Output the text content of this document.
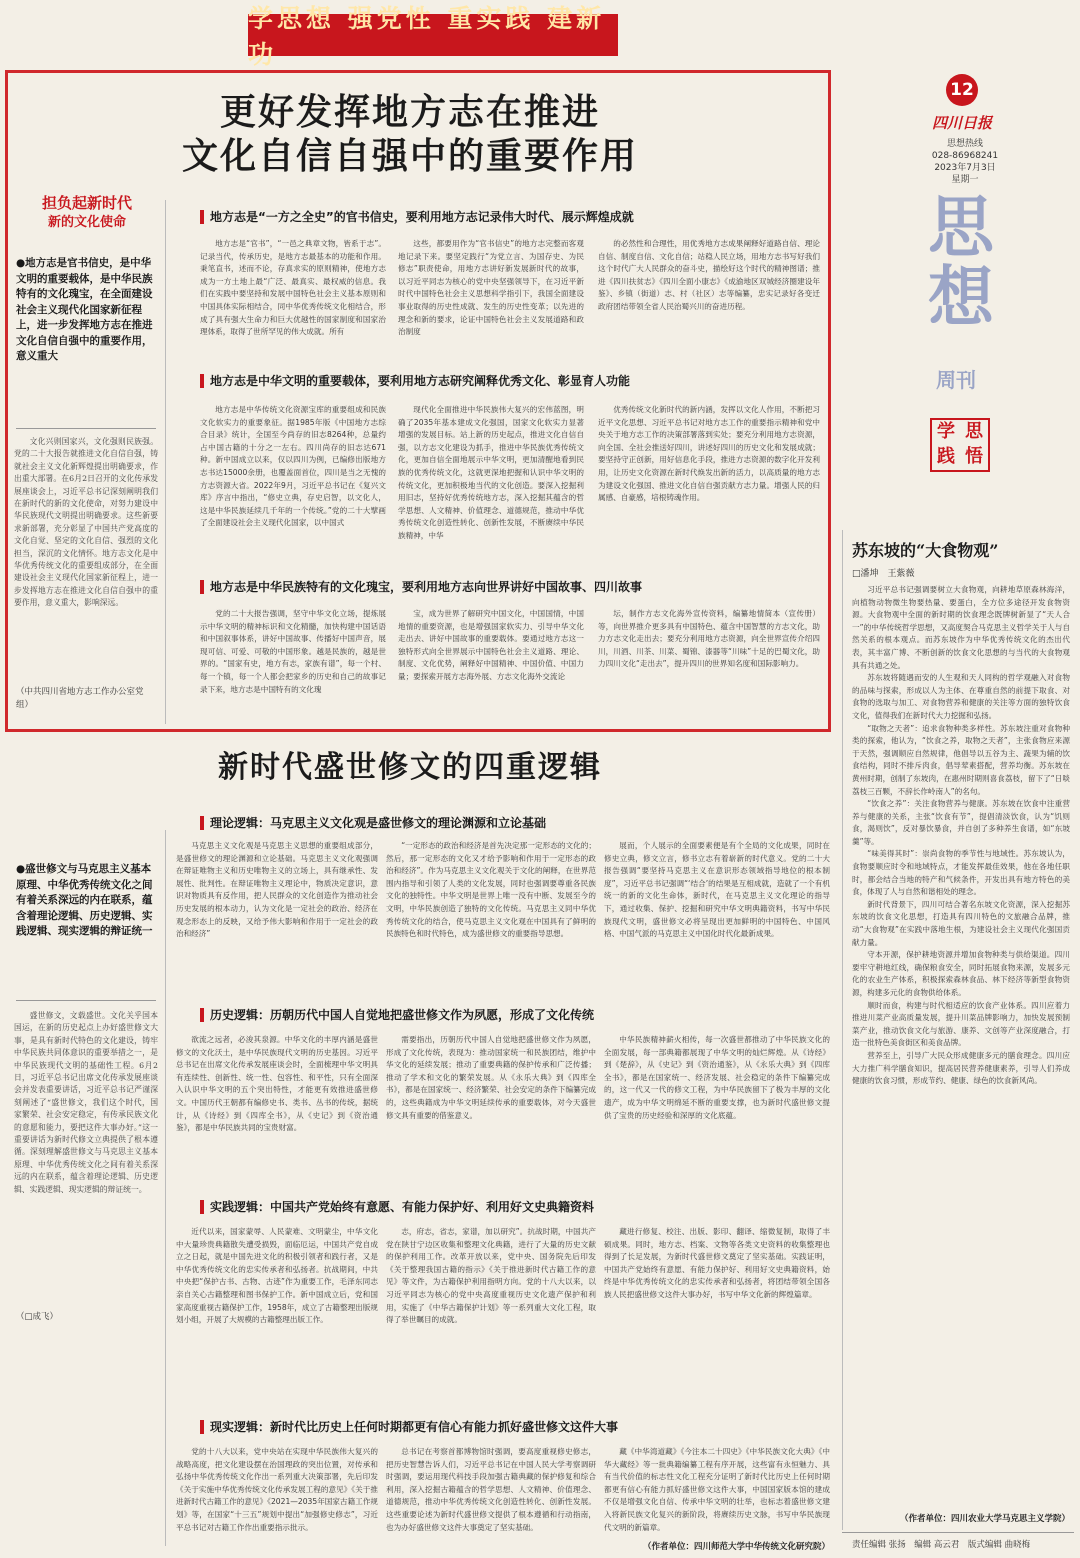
学思想 强党性 重实践 建新功
12
四川日报
思想热线
028-86968241
2023年7月3日
星期一
思
想
周刊
学 思
践 悟
更好发挥地方志在推进
文化自信自强中的重要作用
担负起新时代
新的文化使命
●地方志是官书信史，是中华文明的重要载体，是中华民族特有的文化瑰宝，在全面建设社会主义现代化国家新征程上，进一步发挥地方志在推进文化自信自强中的重要作用，意义重大

文化兴则国家兴，文化强则民族强。党的二十大报告就推进文化自信自强，铸就社会主义文化新辉煌提出明确要求，作出重大部署。在6月2日召开的文化传承发展座谈会上，习近平总书记深刻阐明我们在新时代的新的文化使命，对努力建设中华民族现代文明提出明确要求。这些新要求新部署，充分彰显了中国共产党高度的文化自觉、坚定的文化自信、强烈的文化担当，深沉的文化情怀。地方志文化是中华优秀传统文化的重要组成部分，在全面建设社会主义现代化国家新征程上，进一步发挥地方志在推进文化自信自强中的重要作用，意义重大，影响深远。

（中共四川省地方志工作办公室党组）
地方志是“一方之全史”的官书信史，要利用地方志记录伟大时代、展示辉煌成就

地方志是“官书”，“一邑之典章文物，皆系于志”。记录当代，传承历史，是地方志最基本的功能和作用。秉笔直书，述而不论，存真求实的原则精神，使地方志成为一方土地上最“广泛、最真实、最权威的信息。我们在实践中要坚持和发展中国特色社会主义基本原则和中国具体实际相结合，同中华优秀传统文化相结合，形成了具有强大生命力和巨大优越性的国家制度和国家治理体系，取得了世所罕见的伟大成就。所有

这些，都要用作为“官书信史”的地方志完整而客观地记录下来。要坚定践行“为党立言、为国存史、为民修志”职责使命，用地方志讲好新发展新时代的故事，以习近平同志为核心的党中央坚强领导下，在习近平新时代中国特色社会主义思想科学指引下，我国全面建设事业取得的历史性成就、发生的历史性变革；以先进的理念和新的要求，论证中国特色社会主义发展道路和政治制度

的必然性和合理性，用优秀地方志成果阐释好道路自信、理论自信、制度自信、文化自信；站稳人民立场，用地方志书写好我们这个时代广大人民群众的奋斗史，描绘好这个时代的精神图谱；推进《四川扶贫志》《四川全面小康志》《成渝地区双城经济圈建设年鉴》、乡镇（街道）志、村（社区）志等编纂，忠实记录好各变迁政府团结带领全省人民治蜀兴川的奋进历程。

地方志是中华文明的重要载体，要利用地方志研究阐释优秀文化、彰显育人功能

地方志是中华传统文化资源宝库的重要组成和民族文化软实力的重要象征。据1985年版《中国地方志综合目录》统计，全国至今尚存的旧志8264种，总量约占中国古籍的十分之一左右。四川尚存的旧志达671种。新中国成立以来，仅以四川为例，已编修出版地方志书达15000余册，也覆盖面首位，四川是当之无愧的方志资源大省。2022年9月，习近平总书记在《复兴文库》序言中指出，“修史立典，存史启智，以文化人，这是中华民族延续几千年的一个传统。”党的二十大擘画了全面建设社会主义现代化国家，以中国式

现代化全面推进中华民族伟大复兴的宏伟蓝图，明确了2035年基本建成文化强国，国家文化软实力显著增强的发展目标。站上新的历史起点，推进文化自信自强，以方志文化建设为抓手，推进中华民族优秀传统文化，更加自信全面地展示中华文明，更加清醒地看到民族的优秀传统文化，这就更深地把握和认识中华文明的传统文化，更加积极地当代的文化创造。要深入挖掘利用旧志，坚持好优秀传统地方志，深入挖掘其蕴含的哲学思想、人文精神、价值理念、道德规范，推动中华优秀传统文化创造性转化、创新性发展，不断赓续中华民族精神，中华

优秀传统文化新时代的新内涵，发挥以文化人作用，不断把习近平文化思想、习近平总书记对地方志工作的重要指示精神和党中央关于地方志工作的决策部署落到实处；要充分利用地方志资源，向全国、全社会推送好四川，讲述好四川的历史文化和发展成就；要坚持守正创新，用好信息化手段，推进方志资源的数字化开发利用，让历史文化资源在新时代焕发出新的活力，以高质量的地方志为建设文化强国、推进文化自信自强贡献方志力量。增强人民的归属感、自豪感，培根铸魂作用。

地方志是中华民族特有的文化瑰宝，要利用地方志向世界讲好中国故事、四川故事

党的二十大报告强调，坚守中华文化立场，提炼展示中华文明的精神标识和文化精髓，加快构建中国话语和中国叙事体系，讲好中国故事、传播好中国声音，展现可信、可爱、可敬的中国形象。越是民族的，越是世界的。“国家有史，地方有志，家族有谱”，每一个村、每一个镇，每一个人都会把家乡的历史和自己的故事记录下来，地方志是中国特有的文化瑰

宝，成为世界了解研究中国文化，中国国情，中国地情的重要资源，也是增强国家软实力、引导中华文化走出去、讲好中国故事的重要载体。要通过地方志这一独特形式向全世界展示中国特色社会主义道路、理论、制度、文化优势，阐释好中国精神、中国价值、中国力量；要探索开展方志海外展、方志文化海外交流论

坛，制作方志文化海外宣传资料，编纂地情简本（宣传册）等，向世界推介更多具有中国特色、蕴含中国智慧的方志文化，助力方志文化走出去；要充分利用地方志资源，向全世界宣传介绍四川，川酒、川茶、川菜、蜀锦、漆器等“川味”十足的巴蜀文化，助力四川文化“走出去”，提升四川的世界知名度和国际影响力。

新时代盛世修文的四重逻辑
●盛世修文与马克思主义基本原理、中华优秀传统文化之间有着关系深远的内在联系，蕴含着理论逻辑、历史逻辑、实践逻辑、现实逻辑的辩证统一

盛世修文，文载盛世。文化关乎国本国运，在新的历史起点上办好盛世修文大事，是具有新时代特色的文化建设，铸牢中华民族共同体意识的重要举措之一，是中华民族现代文明的基础性工程。6月2日，习近平总书记出席文化传承发展座谈会并发表重要讲话，习近平总书记严谨深刻阐述了“盛世修文，我们这个时代，国家繁荣、社会安定稳定，有传承民族文化的意愿和能力，要把这件大事办好。”这一重要讲话为新时代修文立典提供了根本遵循。深刻理解盛世修文与马克思主义基本原理、中华优秀传统文化之间有着关系深远的内在联系，蕴含着理论逻辑、历史逻辑、实践逻辑、现实逻辑的辩证统一。

（□成飞）
理论逻辑：马克思主义文化观是盛世修文的理论渊源和立论基础

马克思主义文化观是马克思主义思想的重要组成部分，是盛世修文的理论渊源和立论基础。马克思主义文化观强调在辩证唯物主义和历史唯物主义的立场上，具有继承性、发展性、批判性。在辩证唯物主义理论中，物质决定意识，意识对物质具有反作用，把人民群众的文化创造作为推动社会历史发展的根本动力，认为文化是一定社会的政治、经济在观念形态上的反映，又给予伟大影响和作用于一定社会的政治和经济”

“一定形态的政治和经济是首先决定那一定形态的文化的；然后，那一定形态的文化又才给予影响和作用于一定形态的政治和经济”。作为马克思主义文化观关于文化的阐释，在世界范围内指导和引领了人类的文化发展，同时也强调要尊重各民族文化的独特性。中华文明是世界上唯一没有中断、发展至今的文明，中华民族创造了独特的文化传统。马克思主义同中华优秀传统文化的结合，使马克思主义文化观在中国具有了鲜明的民族特色和时代特色，成为盛世修文的重要指导思想。

展而，个人展示的全面要素便是有个全局的文化成果，同时在修史立典，修文立言，修书立志有着崭新的时代意义。党的二十大报告强调“要坚持马克思主义在意识形态领域指导地位的根本制度”，习近平总书记强调“‘结合’的结果是互相成就，造就了一个有机统一的新的文化生命体，新时代，在马克思主义文化理论的指导下，通过收集、保护、挖掘和研究中华文明典籍资料，书写中华民族现代文明，盛世修文必将呈现出更加鲜明的中国特色、中国风格、中国气派的马克思主义中国化时代化最新成果。

历史逻辑：历朝历代中国人自觉地把盛世修文作为夙愿，形成了文化传统

欲流之远者，必浚其泉源。中华文化的丰厚内涵是盛世修文的文化沃土，是中华民族现代文明的历史基因。习近平总书记在出席文化传承发展座谈会时，全面梳理中华文明具有连续性、创新性、统一性、包容性、和平性，只有全面深入认识中华文明的五个突出特性，才能更有效推进盛世修文。中国历代王朝都有编修史书、类书、丛书的传统，据统计，从《诗经》到《四库全书》，从《史记》到《资治通鉴》，都是中华民族共同的宝贵财富。

需要指出，历朝历代中国人自觉地把盛世修文作为夙愿，形成了文化传统，表现为：推动国家统一和民族团结，维护中华文化的延续发展；推动了重要典籍的保护传承和广泛传播；推动了学术和文化的繁荣发展。从《永乐大典》到《四库全书》，都是在国家统一、经济繁荣、社会安定的条件下编纂完成的，这些典籍成为中华文明延续传承的重要载体，对今天盛世修文具有重要的借鉴意义。

中华民族精神薪火相传，每一次盛世都推动了中华民族文化的全面发展，每一部典籍都展现了中华文明的灿烂辉煌。从《诗经》到《楚辞》，从《史记》到《资治通鉴》，从《永乐大典》到《四库全书》，都是在国家统一、经济发展、社会稳定的条件下编纂完成的，这一代又一代的修文工程，为中华民族留下了极为丰厚的文化遗产，成为中华文明绵延不断的重要支撑，也为新时代盛世修文提供了宝贵的历史经验和深厚的文化底蕴。

实践逻辑：中国共产党始终有意愿、有能力保护好、利用好文史典籍资料

近代以来，国家蒙辱、人民蒙难、文明蒙尘，中华文化中大量珍贵典籍散失遭受损毁，面临厄运，中国共产党自成立之日起，就是中国先进文化的积极引领者和践行者，又是中华优秀传统文化的忠实传承者和弘扬者。抗战期间，中共中央把“保护古书、古物、古迹”作为重要工作，毛泽东同志亲自关心古籍整理和图书保护工作。新中国成立后，党和国家高度重视古籍保护工作，1958年，成立了古籍整理出版规划小组，开展了大规模的古籍整理出版工作。

志，府志，省志，家谱，加以研究”。抗战时期，中国共产党在陕甘宁边区收集和整理文化典籍，进行了大量的历史文献的保护利用工作。改革开放以来，党中央、国务院先后印发《关于整理我国古籍的指示》《关于推进新时代古籍工作的意见》等文件，为古籍保护利用指明方向。党的十八大以来，以习近平同志为核心的党中央高度重视历史文化遗产保护和利用，实施了《中华古籍保护计划》等一系列重大文化工程，取得了举世瞩目的成就。

藏进行修复、校注、出版、影印、翻译、缩微复制，取得了丰硕成果。同时，地方志、档案、文物等各类文史资料的收集整理也得到了长足发展，为新时代盛世修文奠定了坚实基础。实践证明，中国共产党始终有意愿、有能力保护好、利用好文史典籍资料，始终是中华优秀传统文化的忠实传承者和弘扬者，将团结带领全国各族人民把盛世修文这件大事办好，书写中华文化新的辉煌篇章。

现实逻辑：新时代比历史上任何时期都更有信心有能力抓好盛世修文这件大事

党的十八大以来，党中央站在实现中华民族伟大复兴的战略高度，把文化建设摆在治国理政的突出位置，对传承和弘扬中华优秀传统文化作出一系列重大决策部署，先后印发《关于实施中华优秀传统文化传承发展工程的意见》《关于推进新时代古籍工作的意见》《2021—2035年国家古籍工作规划》等，在国家“十三五”规划中提出“加强修史修志”，习近平总书记对古籍工作作出重要指示批示。

总书记在考察首都博物馆时强调，要高度重视修史修志，把历史智慧告诉人们，习近平总书记在中国人民大学考察调研时强调，要运用现代科技手段加强古籍典藏的保护修复和综合利用，深入挖掘古籍蕴含的哲学思想、人文精神、价值理念、道德规范，推动中华优秀传统文化创造性转化、创新性发展。这些重要论述为新时代盛世修文提供了根本遵循和行动指南，也为办好盛世修文这件大事奠定了坚实基础。

藏《中华湾道藏》《今注本二十四史》《中华民族文化大典》《中华大藏经》等一批典籍编纂工程有序开展，这些富有永恒魅力、具有当代价值的标志性文化工程充分证明了新时代比历史上任何时期都更有信心有能力抓好盛世修文这件大事，中国国家版本馆的建成不仅是增强文化自信、传承中华文明的壮举，也标志着盛世修文建入将新民族文化复兴的新阶段，将赓续历史文脉，书写中华民族现代文明的新篇章。

（作者单位：四川师范大学中华传统文化研究院）
苏东坡的“大食物观”
□潘坤　王紫薇

习近平总书记强调要树立大食物观，向耕地草原森林海洋，向植物动物微生物要热量、要蛋白，全方位多途径开发食物资源。大食物观中全面的新时期的饮食理念既牌树新显了“天人合一”的中华传统哲学思想，又高度契合马克思主义哲学关于人与自然关系的根本观点。而苏东坡作为中华优秀传统文化的杰出代表，其丰富广博、不断创新的饮食文化思想的与当代的大食物观具有共通之处。

苏东坡将随遇而安的人生观和天人同构的哲学观融入对食物的品味与探索，形成以人为主体、在尊重自然的前提下取食、对食物的选取与加工、对食物营养和健康的关注等方面的独特饮食文化，值得我们在新时代大力挖掘和弘扬。

“取物之天者”：追求食物种类多样性。苏东坡注重对食物种类的探索，他认为，“饮食之养，取物之天者”，主张食物应来源于天然，强调顺应自然规律，他倡导以五谷为主、蔬果为辅的饮食结构，同时不排斥肉食，倡导荤素搭配，营养均衡。苏东坡在黄州时期，创制了东坡肉，在惠州时期则喜食荔枝，留下了“日啖荔枝三百颗，不辞长作岭南人”的名句。

“饮食之养”：关注食物营养与健康。苏东坡在饮食中注重营养与健康的关系，主张“饮食有节”，提倡清淡饮食，认为“饥则食，渴则饮”，反对暴饮暴食，并自创了多种养生食谱，如“东坡羹”等。

“味美得其时”：崇尚食物的季节性与地域性。苏东坡认为，食物要顺应时令和地域特点，才能发挥最佳效果，他在各地任职时，都会结合当地的特产和气候条件，开发出具有地方特色的美食，体现了人与自然和谐相处的理念。

新时代背景下，四川可结合著名东坡文化资源，深入挖掘苏东坡的饮食文化思想，打造具有四川特色的文旅融合品牌，推动“大食物观”在实践中落地生根，为建设社会主义现代化强国贡献力量。

守本开源，保护耕地资源并增加食物种类与供给渠道。四川要牢守耕地红线，确保粮食安全，同时拓展食物来源，发展多元化的农业生产体系，积极探索森林食品、林下经济等新型食物资源，构建多元化的食物供给体系。

顺时而食，构建与时代相适应的饮食产业体系。四川应着力推进川菜产业高质量发展，提升川菜品牌影响力，加快发展预制菜产业，推动饮食文化与旅游、康养、文创等产业深度融合，打造一批特色美食街区和美食品牌。

营养至上，引导广大民众形成健康多元的膳食理念。四川应大力推广科学膳食知识，提高居民营养健康素养，引导人们养成健康的饮食习惯，形成节约、健康、绿色的饮食新风尚。

（作者单位：四川农业大学马克思主义学院）
责任编辑 张扬　编辑 高云君　版式编辑 曲晓梅
